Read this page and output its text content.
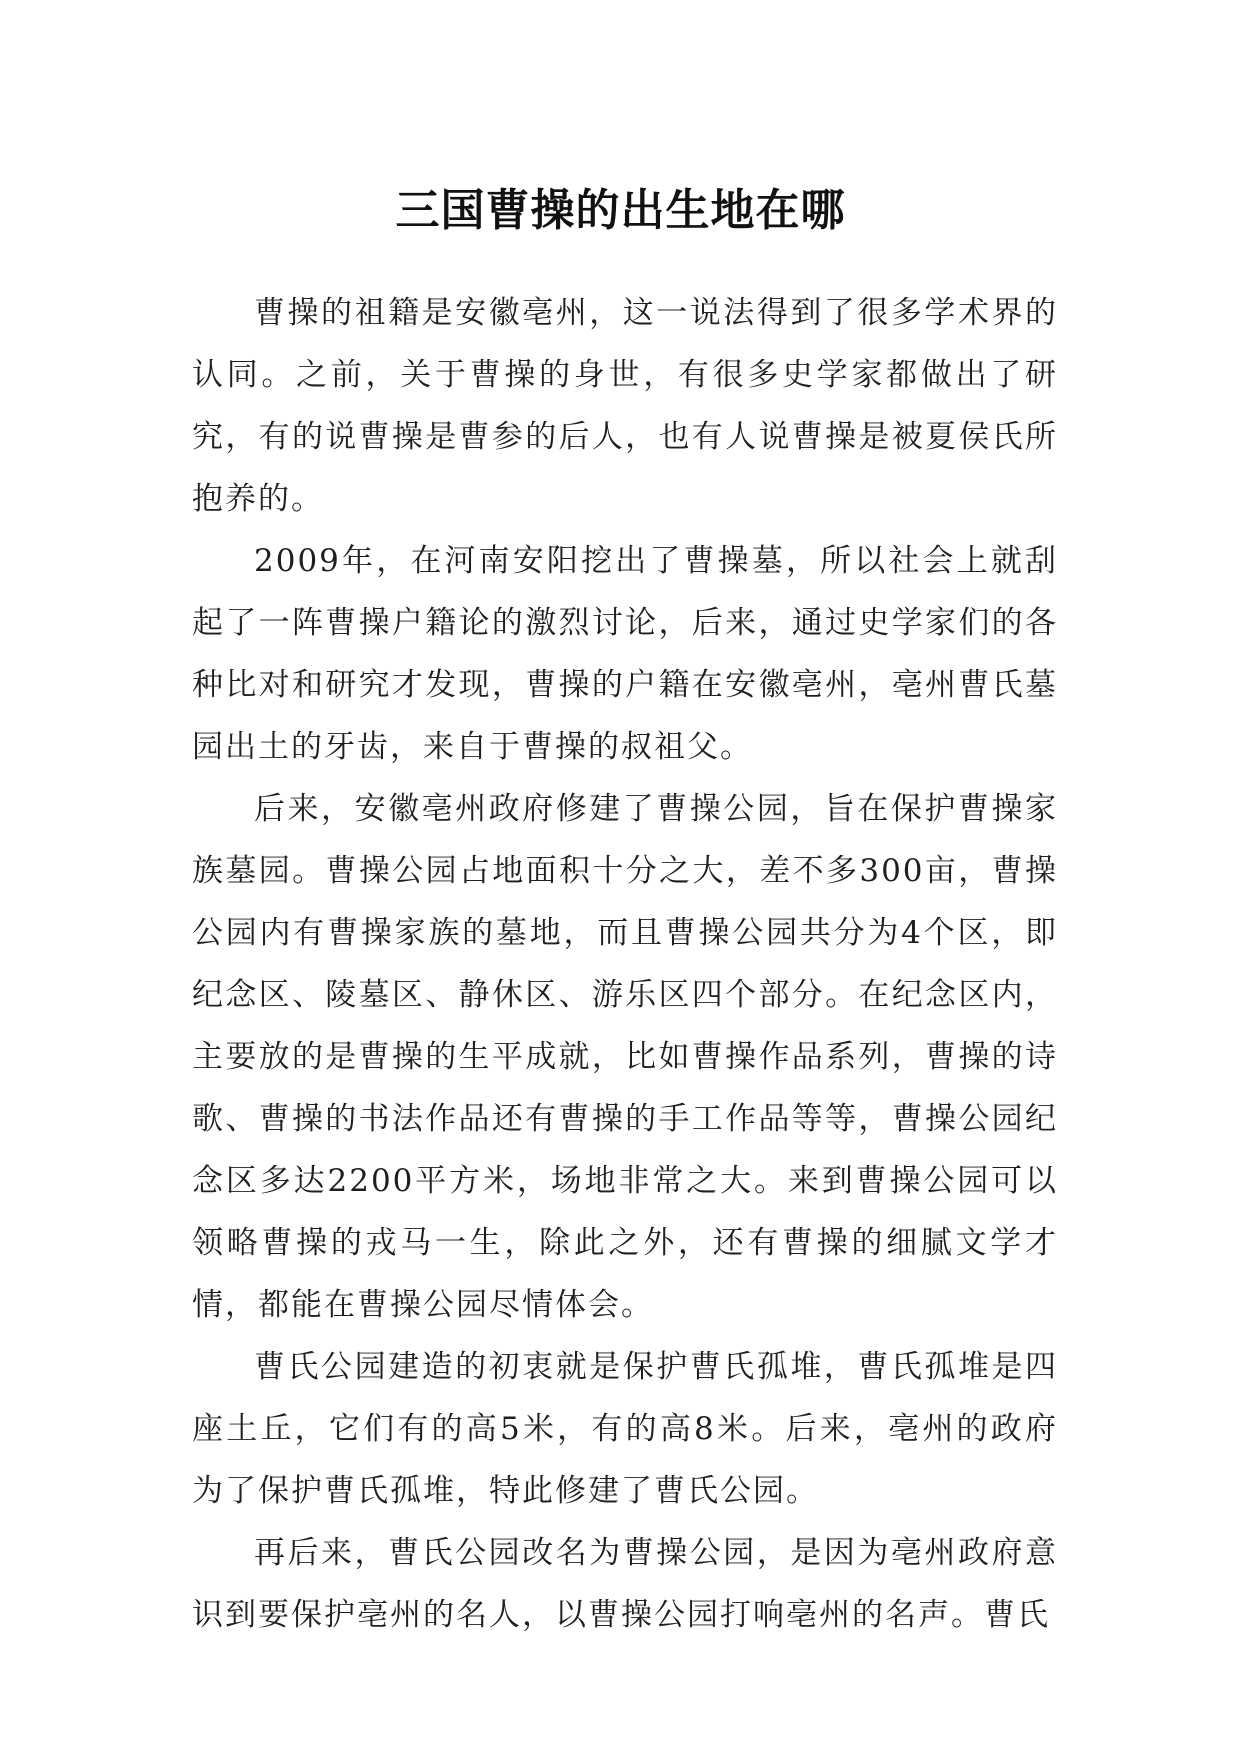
三国曹操的出生地在哪

曹操的祖籍是安徽亳州，这一说法得到了很多学术界的认同。之前，关于曹操的身世，有很多史学家都做出了研究，有的说曹操是曹参的后人，也有人说曹操是被夏侯氏所抱养的。

2009年，在河南安阳挖出了曹操墓，所以社会上就刮起了一阵曹操户籍论的激烈讨论，后来，通过史学家们的各种比对和研究才发现，曹操的户籍在安徽亳州，亳州曹氏墓园出土的牙齿，来自于曹操的叔祖父。

后来，安徽亳州政府修建了曹操公园，旨在保护曹操家族墓园。曹操公园占地面积十分之大，差不多300亩，曹操公园内有曹操家族的墓地，而且曹操公园共分为4个区，即纪念区、陵墓区、静休区、游乐区四个部分。在纪念区内，主要放的是曹操的生平成就，比如曹操作品系列，曹操的诗歌、曹操的书法作品还有曹操的手工作品等等，曹操公园纪念区多达2200平方米，场地非常之大。来到曹操公园可以领略曹操的戎马一生，除此之外，还有曹操的细腻文学才情，都能在曹操公园尽情体会。

曹氏公园建造的初衷就是保护曹氏孤堆，曹氏孤堆是四座土丘，它们有的高5米，有的高8米。后来，亳州的政府为了保护曹氏孤堆，特此修建了曹氏公园。

再后来，曹氏公园改名为曹操公园，是因为亳州政府意识到要保护亳州的名人，以曹操公园打响亳州的名声。曹氏
